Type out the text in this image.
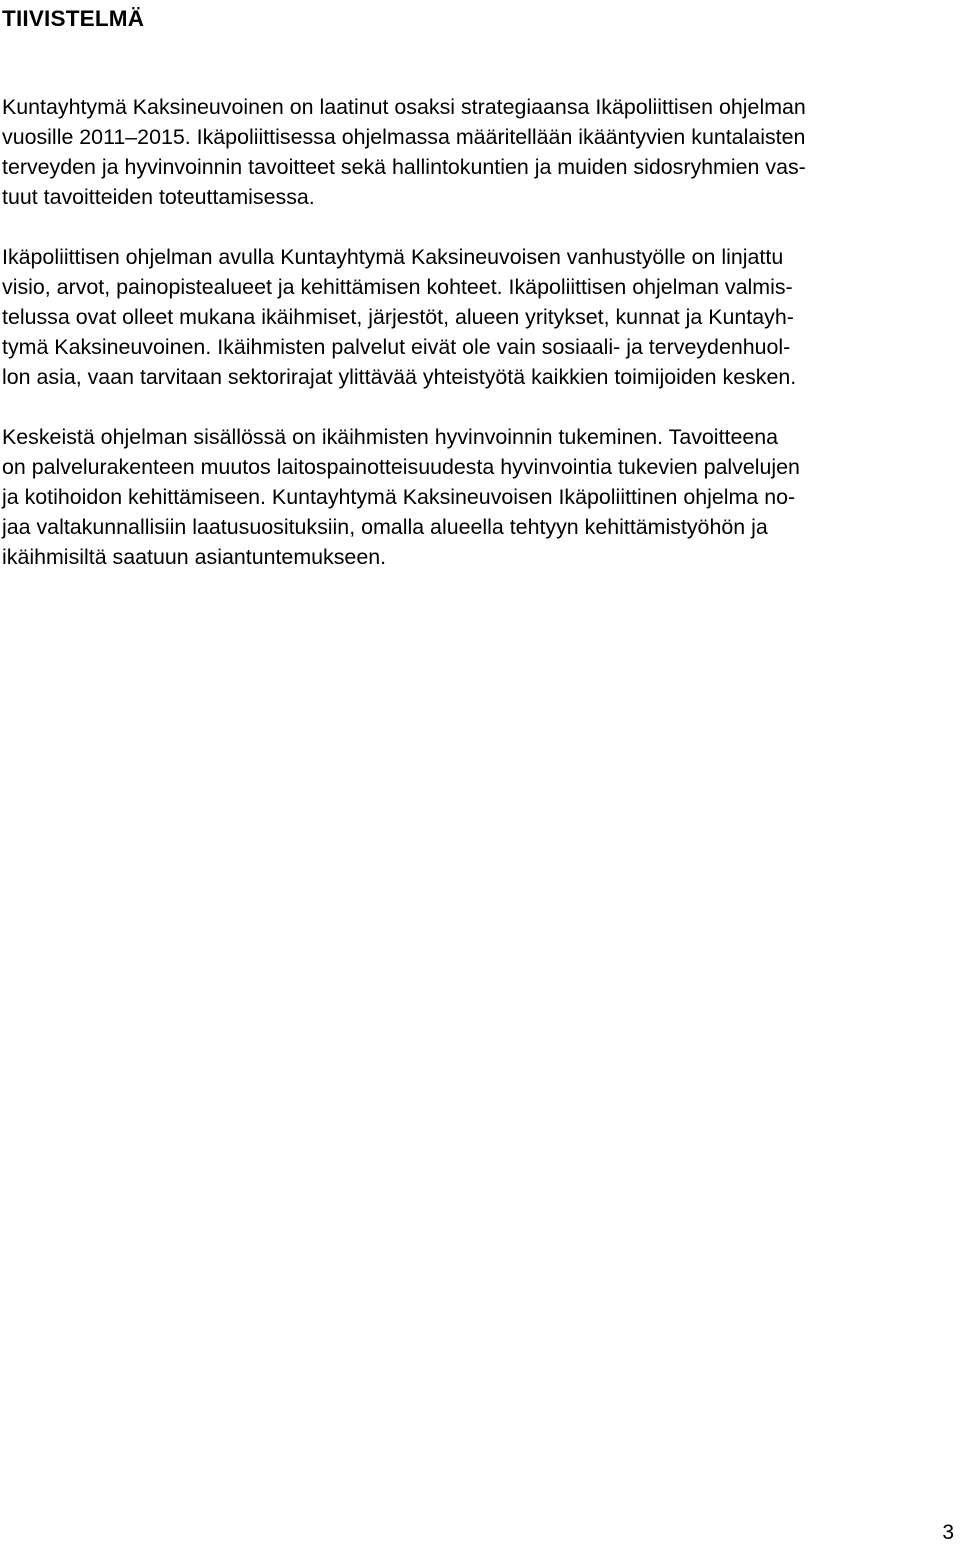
TIIVISTELMÄ

Kuntayhtymä Kaksineuvoinen on laatinut osaksi strategiaansa Ikäpoliittisen ohjelman
vuosille 2011–2015. Ikäpoliittisessa ohjelmassa määritellään ikääntyvien kuntalaisten
terveyden ja hyvinvoinnin tavoitteet sekä hallintokuntien ja muiden sidosryhmien vas-
tuut tavoitteiden toteuttamisessa.

Ikäpoliittisen ohjelman avulla Kuntayhtymä Kaksineuvoisen vanhustyölle on linjattu
visio, arvot, painopistealueet ja kehittämisen kohteet. Ikäpoliittisen ohjelman valmis-
telussa ovat olleet mukana ikäihmiset, järjestöt, alueen yritykset, kunnat ja Kuntayh-
tymä Kaksineuvoinen. Ikäihmisten palvelut eivät ole vain sosiaali- ja terveydenhuol-
lon asia, vaan tarvitaan sektorirajat ylittävää yhteistyötä kaikkien toimijoiden kesken.

Keskeistä ohjelman sisällössä on ikäihmisten hyvinvoinnin tukeminen. Tavoitteena
on palvelurakenteen muutos laitospainotteisuudesta hyvinvointia tukevien palvelujen
ja kotihoidon kehittämiseen. Kuntayhtymä Kaksineuvoisen Ikäpoliittinen ohjelma no-
jaa valtakunnallisiin laatusuosituksiin, omalla alueella tehtyyn kehittämistyöhön ja
ikäihmisiltä saatuun asiantuntemukseen.

3
